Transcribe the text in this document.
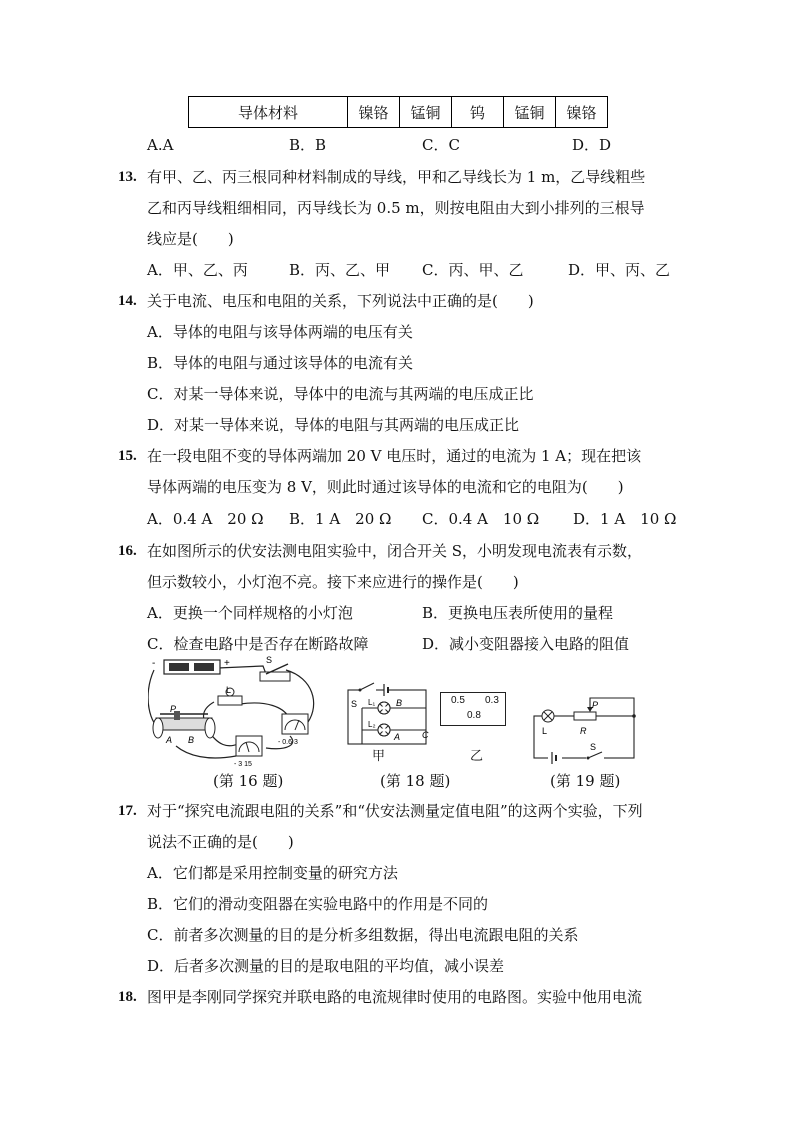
导体材料	镍铬	锰铜	钨	锰铜	镍铬
A.A	B．B	C．C	D．D
13. 有甲、乙、丙三根同种材料制成的导线，甲和乙导线长为 1 m，乙导线粗些
乙和丙导线粗细相同，丙导线长为 0.5 m，则按电阻由大到小排列的三根导
线应是(　　)
A．甲、乙、丙	B．丙、乙、甲 C．丙、甲、乙	D．甲、丙、乙
14. 关于电流、电压和电阻的关系，下列说法中正确的是(　　)
A．导体的电阻与该导体两端的电压有关
B．导体的电阻与通过该导体的电流有关
C．对某一导体来说，导体中的电流与其两端的电压成正比
D．对某一导体来说，导体的电阻与其两端的电压成正比
15. 在一段电阻不变的导体两端加 20 V 电压时，通过的电流为 1 A；现在把该
导体两端的电压变为 8 V，则此时通过该导体的电流和它的电阻为(　　)
A．0.4 A　20 Ω B．1 A　20 Ω C．0.4 A　10 Ω D．1 A　10 Ω
16. 在如图所示的伏安法测电阻实验中，闭合开关 S，小明发现电流表有示数，
但示数较小，小灯泡不亮。接下来应进行的操作是(　　)
A．更换一个同样规格的小灯泡	B．更换电压表所使用的量程
C．检查电路中是否存在断路故障	D．减小变阻器接入电路的阻值
-	+	S
L
P
A B	- 0.6 3
- 3 15
(第 16 题)
S L₁
L₂
B
A C
甲
0.5 0.3
0.8
乙
(第 18 题)
P
L	R
S
(第 19 题)
17. 对于“探究电流跟电阻的关系”和“伏安法测量定值电阻”的这两个实验，下列
说法不正确的是(　　)
A．它们都是采用控制变量的研究方法
B．它们的滑动变阻器在实验电路中的作用是不同的
C．前者多次测量的目的是分析多组数据，得出电流跟电阻的关系
D．后者多次测量的目的是取电阻的平均值，减小误差
18. 图甲是李刚同学探究并联电路的电流规律时使用的电路图。实验中他用电流
